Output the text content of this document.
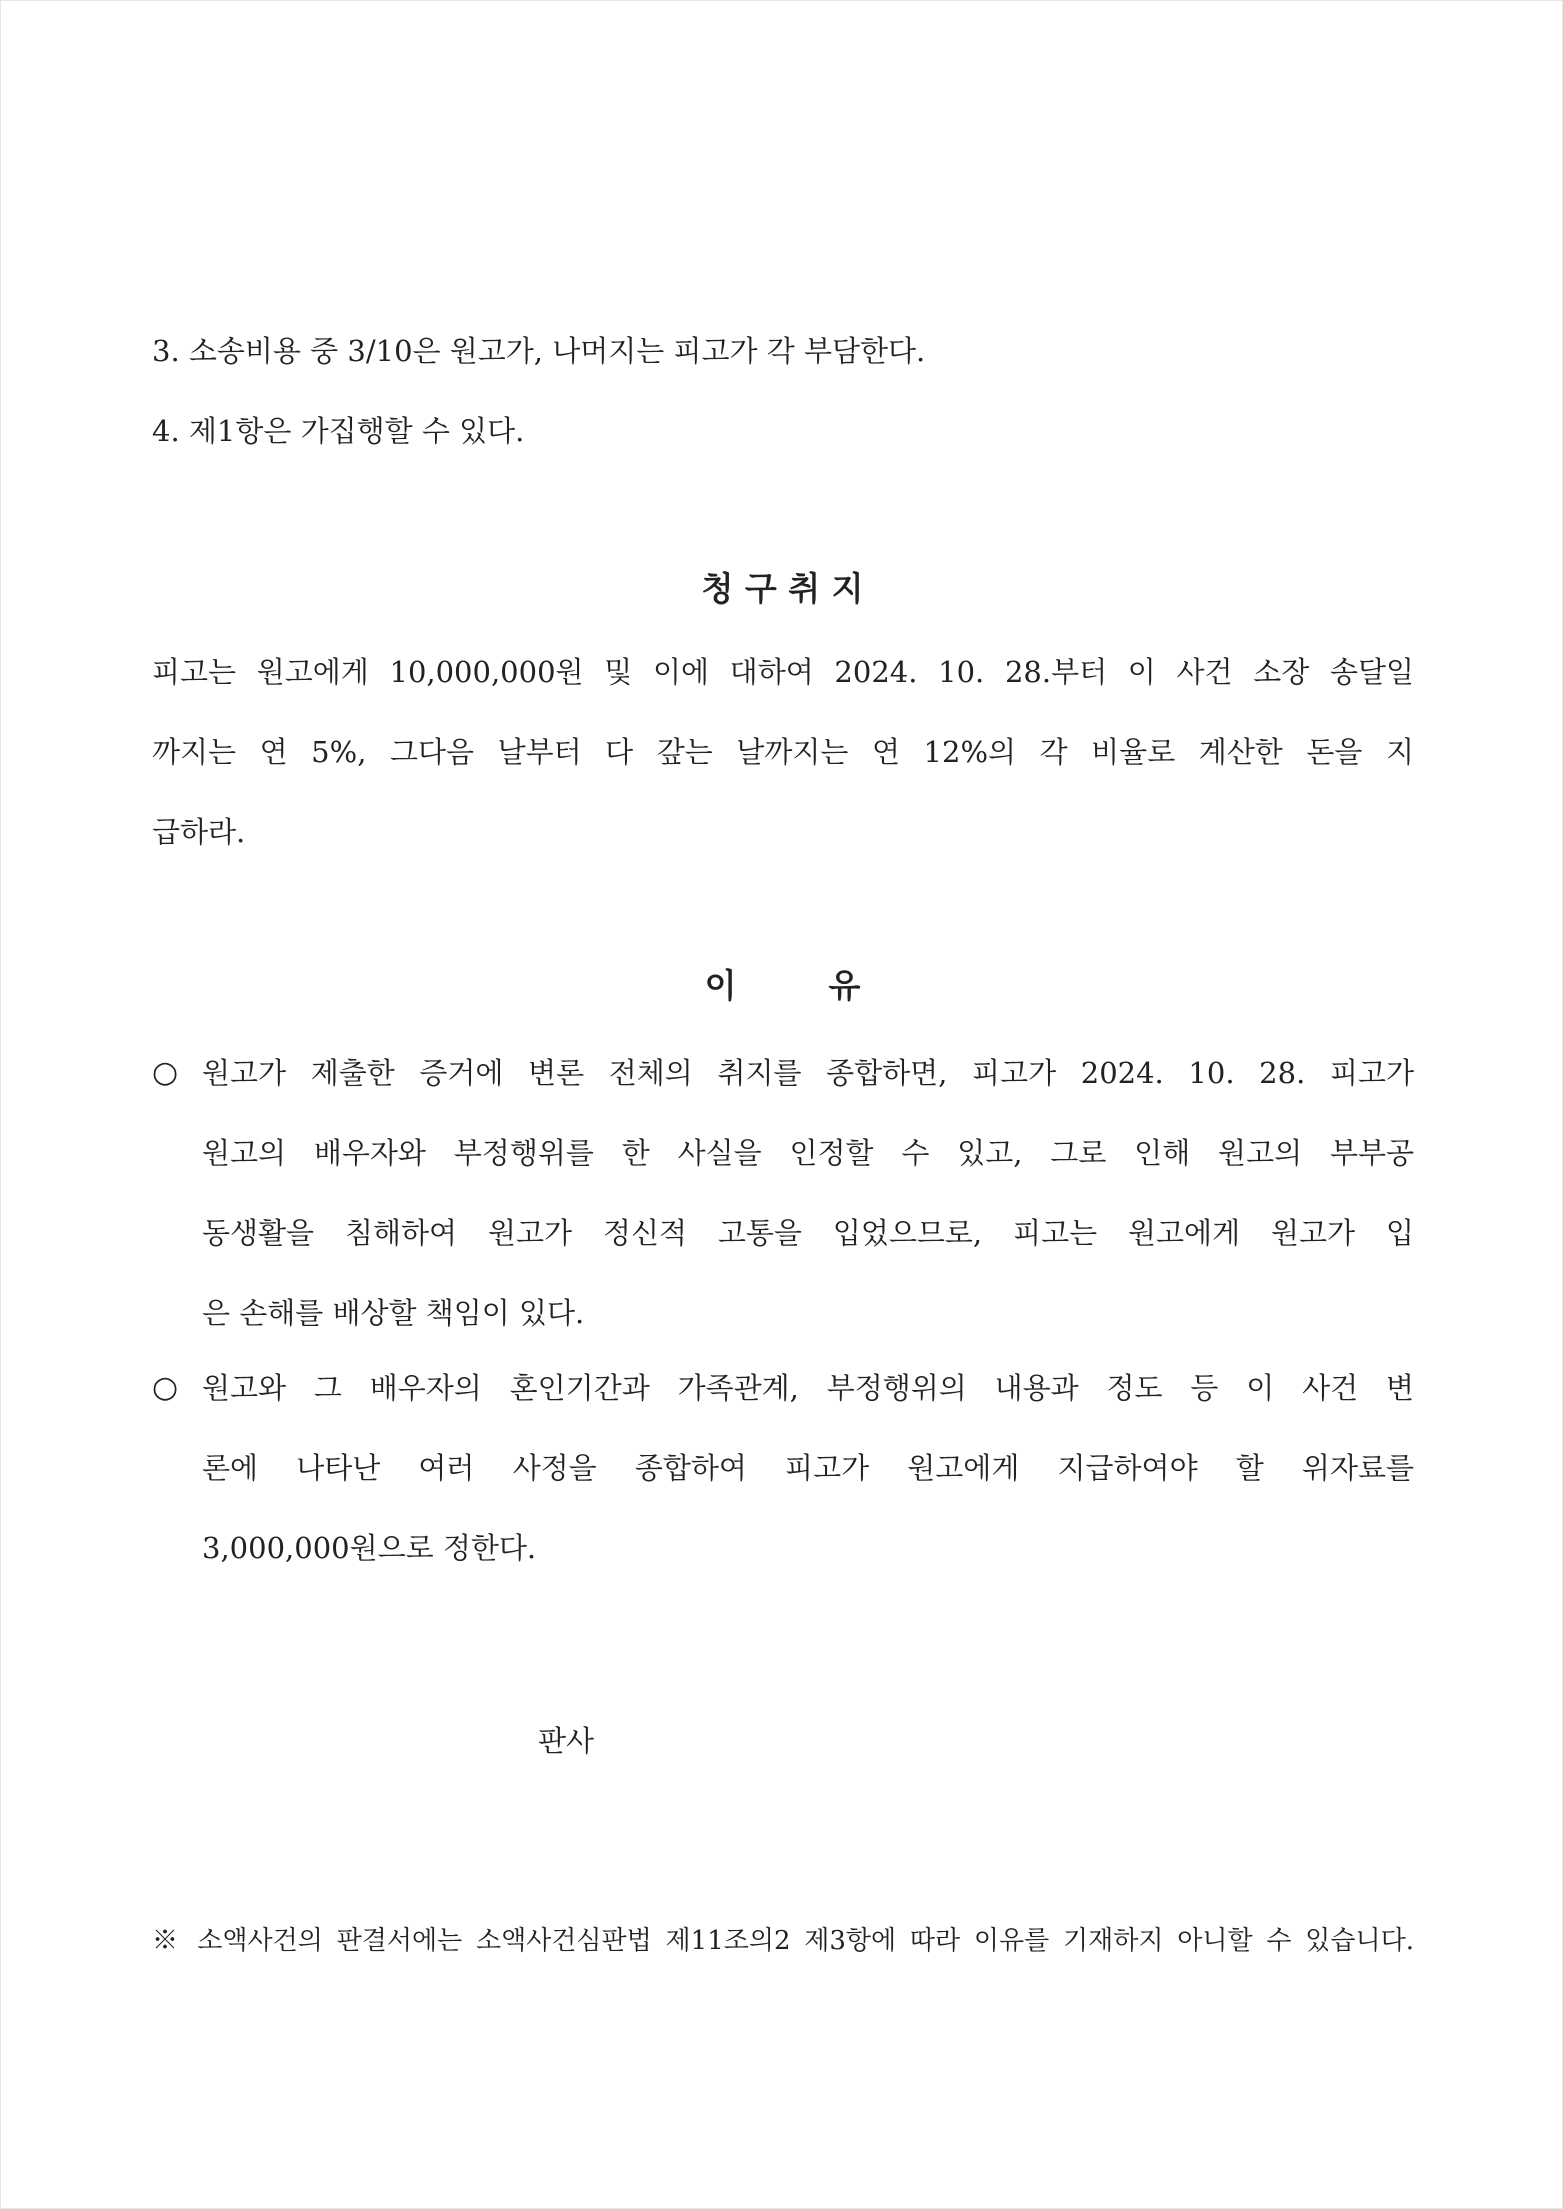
3. 소송비용 중 3/10은 원고가, 나머지는 피고가 각 부담한다.
4. 제1항은 가집행할 수 있다.
청 구 취 지
피고는 원고에게 10,000,000원 및 이에 대하여 2024. 10. 28.부터 이 사건 소장 송달일
까지는 연 5%, 그다음 날부터 다 갚는 날까지는 연 12%의 각 비율로 계산한 돈을 지
급하라.
이        유
○ 원고가 제출한 증거에 변론 전체의 취지를 종합하면, 피고가 2024. 10. 28. 피고가
원고의 배우자와 부정행위를 한 사실을 인정할 수 있고, 그로 인해 원고의 부부공
동생활을 침해하여 원고가 정신적 고통을 입었으므로, 피고는 원고에게 원고가 입
은 손해를 배상할 책임이 있다.
○ 원고와 그 배우자의 혼인기간과 가족관계, 부정행위의 내용과 정도 등 이 사건 변
론에 나타난 여러 사정을 종합하여 피고가 원고에게 지급하여야 할 위자료를
3,000,000원으로 정한다.
판사
※ 소액사건의 판결서에는 소액사건심판법 제11조의2 제3항에 따라 이유를 기재하지 아니할 수 있습니다.
